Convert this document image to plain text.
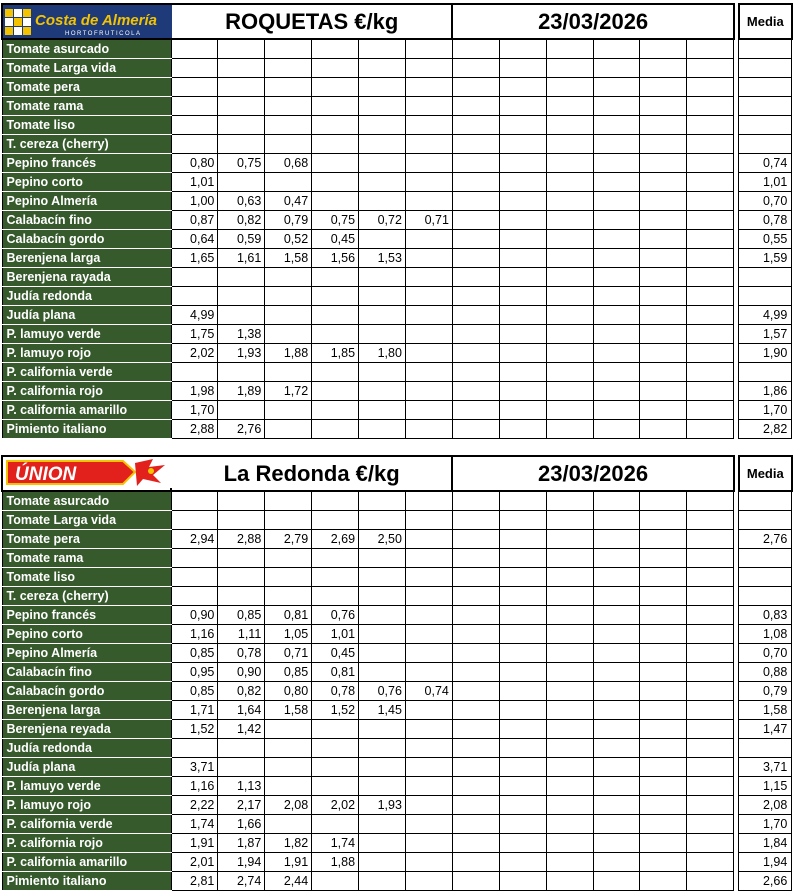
Costa de Almería
HORTOFRUTICOLA	ROQUETAS €/kg						23/03/2026							Media
Tomate asurcado														
Tomate Larga vida														
Tomate pera														
Tomate rama														
Tomate liso														
T. cereza (cherry)														
Pepino francés	0,80	0,75	0,68											0,74
Pepino corto	1,01													1,01
Pepino Almería	1,00	0,63	0,47											0,70
Calabacín fino	0,87	0,82	0,79	0,75	0,72	0,71								0,78
Calabacín gordo	0,64	0,59	0,52	0,45										0,55
Berenjena larga	1,65	1,61	1,58	1,56	1,53									1,59
Berenjena rayada														
Judía redonda														
Judía plana	4,99													4,99
P. lamuyo verde	1,75	1,38												1,57
P. lamuyo rojo	2,02	1,93	1,88	1,85	1,80									1,90
P. california verde														
P. california rojo	1,98	1,89	1,72											1,86
P. california amarillo	1,70													1,70
Pimiento italiano	2,88	2,76												2,82
ÚNION	La Redonda €/kg						23/03/2026							Media
Tomate asurcado														
Tomate Larga vida														
Tomate pera	2,94	2,88	2,79	2,69	2,50									2,76
Tomate rama														
Tomate liso														
T. cereza (cherry)														
Pepino francés	0,90	0,85	0,81	0,76										0,83
Pepino corto	1,16	1,11	1,05	1,01										1,08
Pepino Almería	0,85	0,78	0,71	0,45										0,70
Calabacín fino	0,95	0,90	0,85	0,81										0,88
Calabacín gordo	0,85	0,82	0,80	0,78	0,76	0,74								0,79
Berenjena larga	1,71	1,64	1,58	1,52	1,45									1,58
Berenjena reyada	1,52	1,42												1,47
Judía redonda														
Judía plana	3,71													3,71
P. lamuyo verde	1,16	1,13												1,15
P. lamuyo rojo	2,22	2,17	2,08	2,02	1,93									2,08
P. california verde	1,74	1,66												1,70
P. california rojo	1,91	1,87	1,82	1,74										1,84
P. california amarillo	2,01	1,94	1,91	1,88										1,94
Pimiento italiano	2,81	2,74	2,44											2,66
